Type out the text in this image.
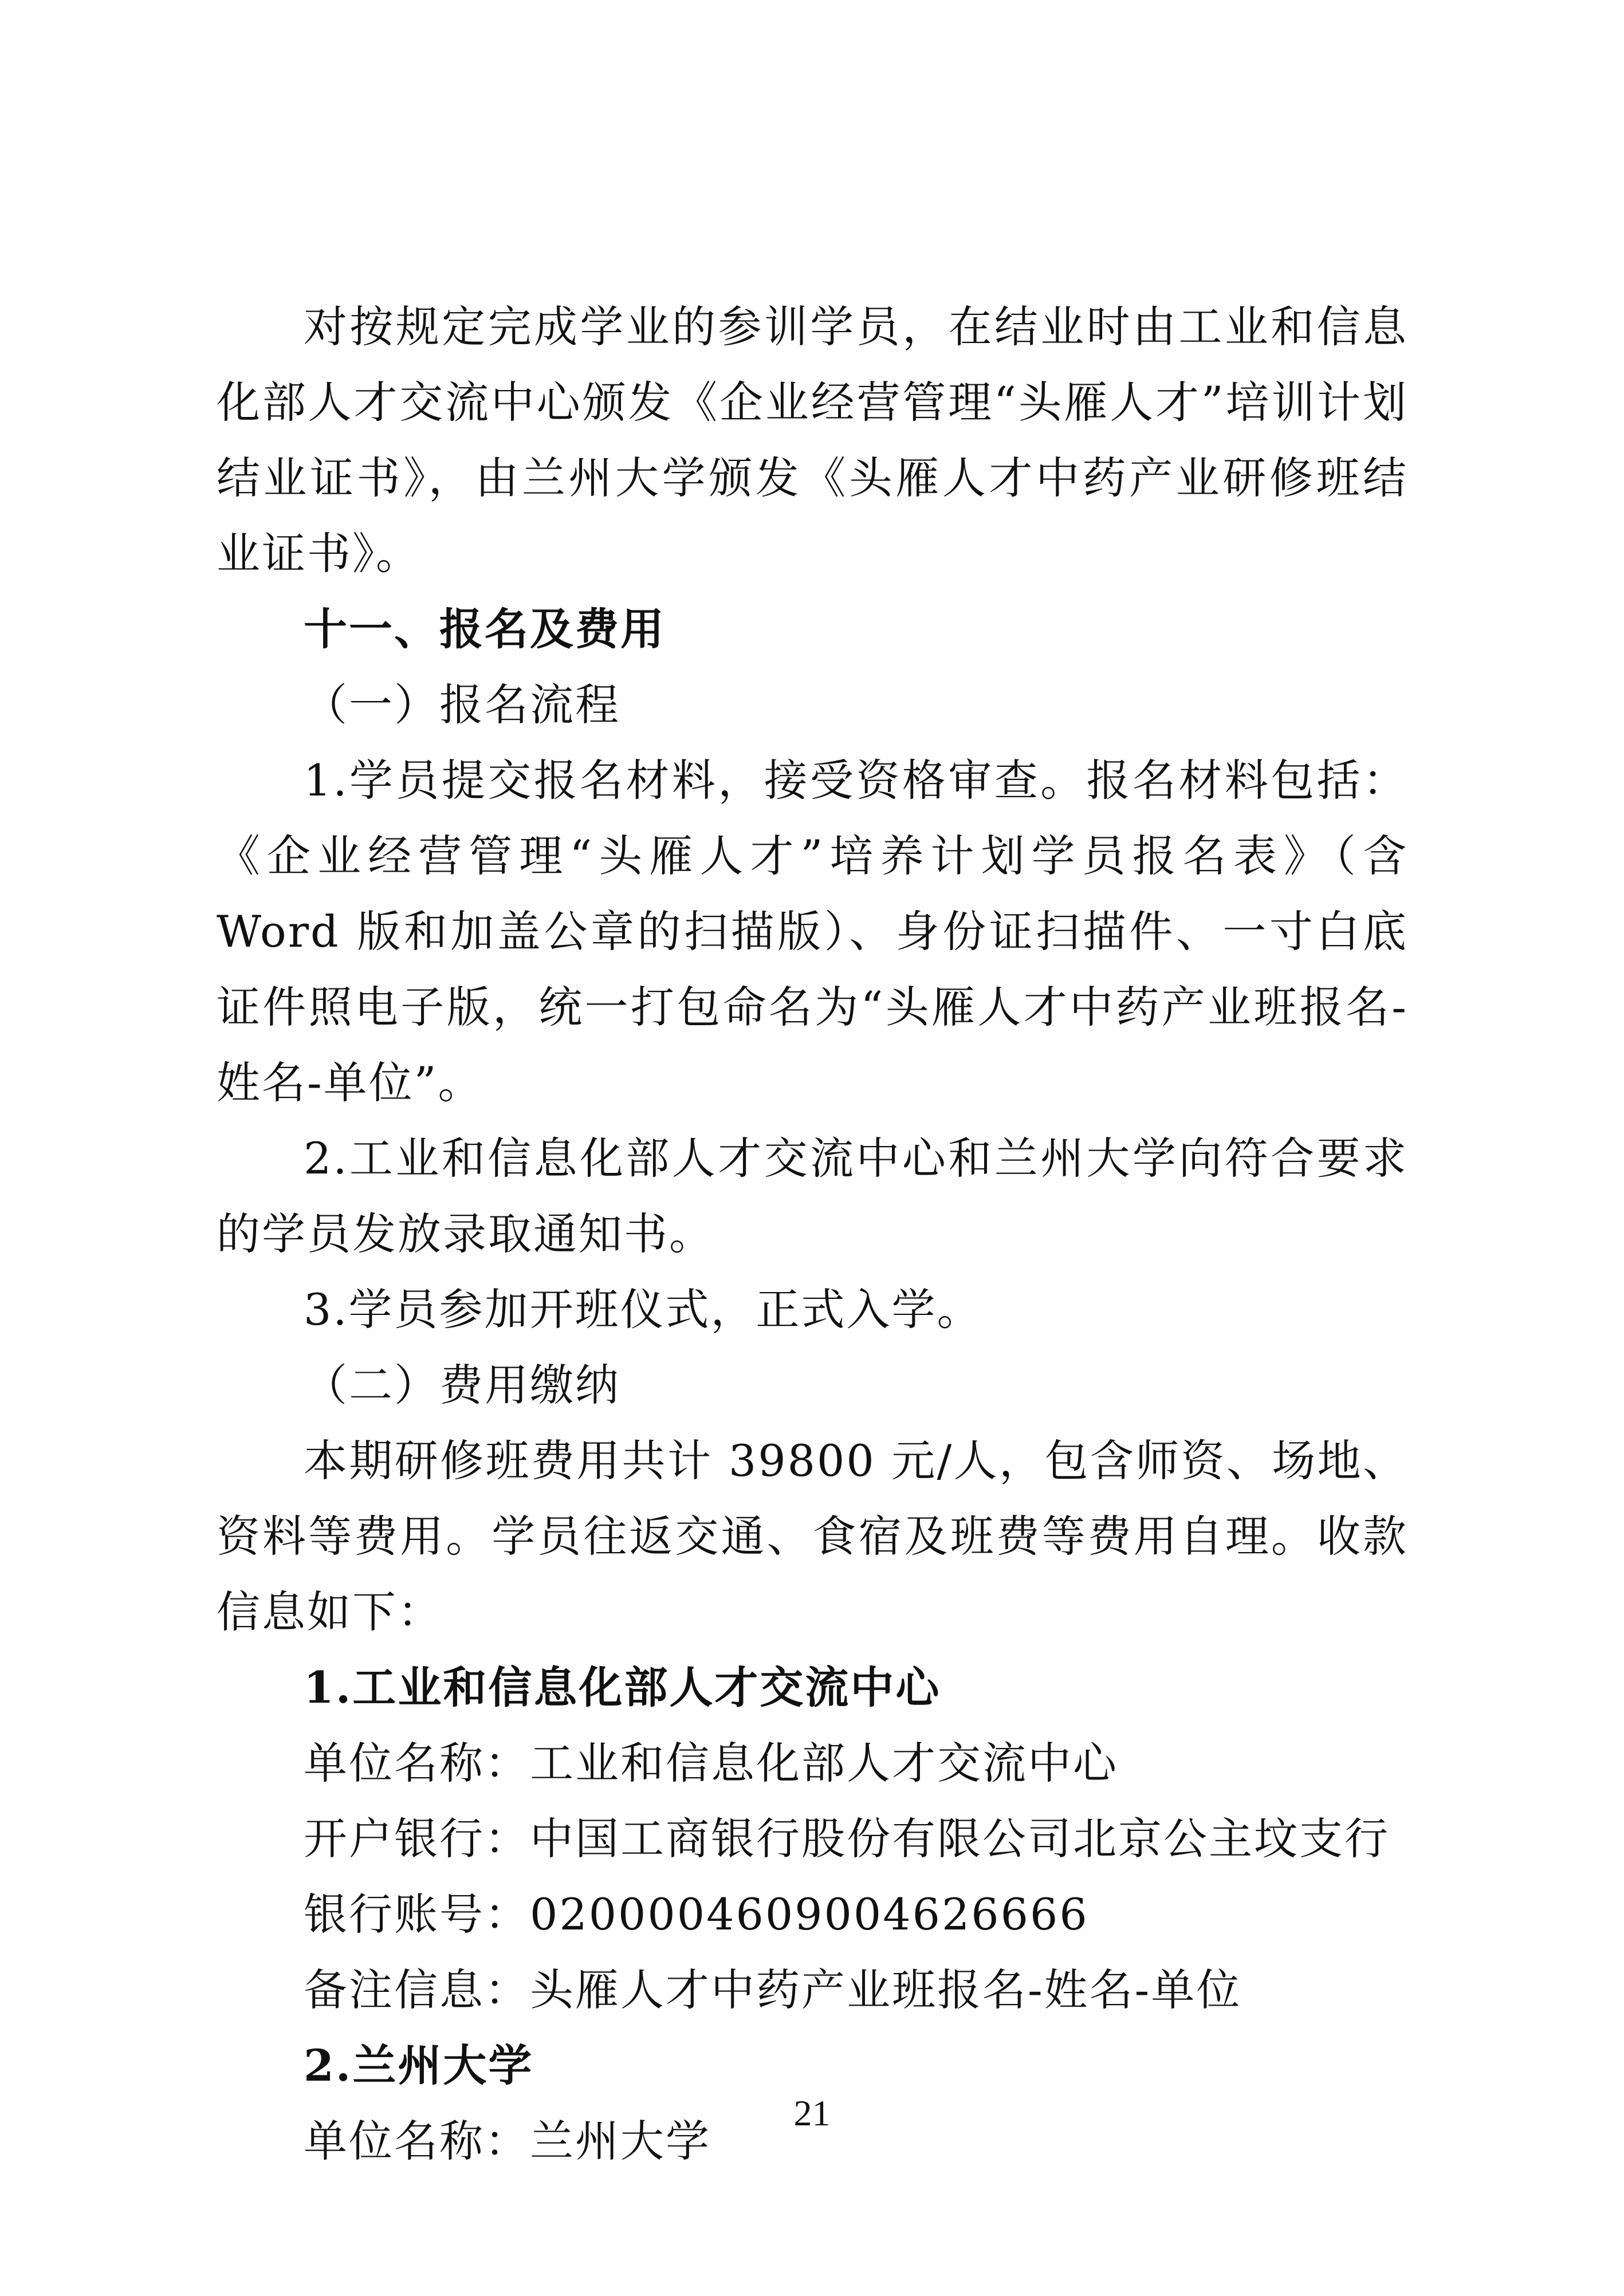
对按规定完成学业的参训学员，在结业时由工业和信息化部人才交流中心颁发《企业经营管理“头雁人才”培训计划结业证书》，由兰州大学颁发《头雁人才中药产业研修班结业证书》。

十一、报名及费用

（一）报名流程

1.学员提交报名材料，接受资格审查。报名材料包括：《企业经营管理“头雁人才”培养计划学员报名表》（含 Word 版和加盖公章的扫描版）、身份证扫描件、一寸白底证件照电子版，统一打包命名为“头雁人才中药产业班报名-姓名-单位”。

2.工业和信息化部人才交流中心和兰州大学向符合要求的学员发放录取通知书。

3.学员参加开班仪式，正式入学。

（二）费用缴纳

本期研修班费用共计 39800 元/人，包含师资、场地、资料等费用。学员往返交通、食宿及班费等费用自理。收款信息如下：

1.工业和信息化部人才交流中心

单位名称：工业和信息化部人才交流中心

开户银行：中国工商银行股份有限公司北京公主坟支行

银行账号：0200004609004626666

备注信息：头雁人才中药产业班报名-姓名-单位

2.兰州大学

单位名称：兰州大学

21
